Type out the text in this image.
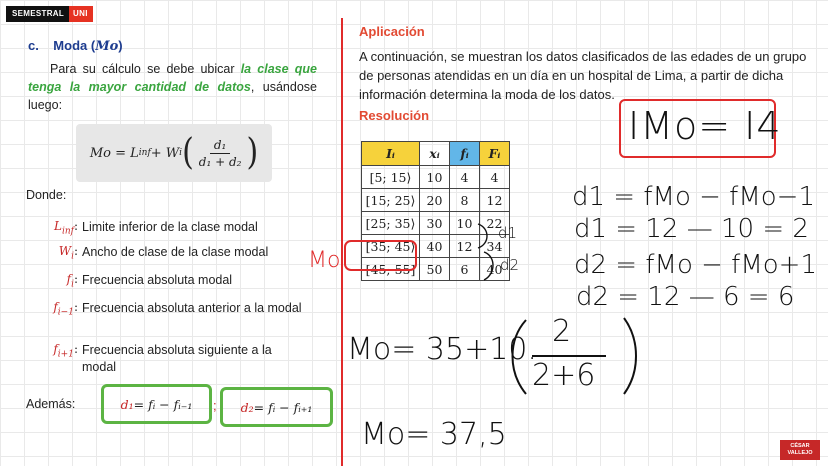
SEMESTRAL	UNI
c. Moda (Mo)
Para su cálculo se debe ubicar la clase que tenga la mayor cantidad de datos, usándose luego:
Mo = L inf + W i ( $\frac{\text{d₁}}{\text{d₁ + d₂}}$ )
Donde:
$L_{inf}$: Limite inferior de la clase modal
$W_i$: Ancho de clase de la clase modal
$f_i$: Frecuencia absoluta modal
$f_{i-1}$: Frecuencia absoluta anterior a la modal
$f_{i+1}$: Frecuencia absoluta siguiente a la modal
Además:	d₁ = fᵢ − fᵢ₋₁ ; d₂ = fᵢ − fᵢ₊₁
Aplicación
A continuación, se muestran los datos clasificados de las edades de un grupo de personas atendidas en un día en un hospital de Lima, a partir de dicha información determina la moda de los datos.
Resolución
Iᵢ	xᵢ	fᵢ	Fᵢ
[5; 15⟩	10	4	4
[15; 25⟩	20	8	12
[25; 35⟩	30	10	22
[35; 45⟩	40	12	34
[45; 55]	50	6	40
Mo
d1
d2
IMo= I4
d1 = fMo − fMo−1
d1 = 12 — 10 = 2
d2 = fMo − fMo+1
d2 = 12 — 6 = 6
Mo= 35+10.
2
2+6
Mo= 37,5	CÉSAR
VALLEJO
